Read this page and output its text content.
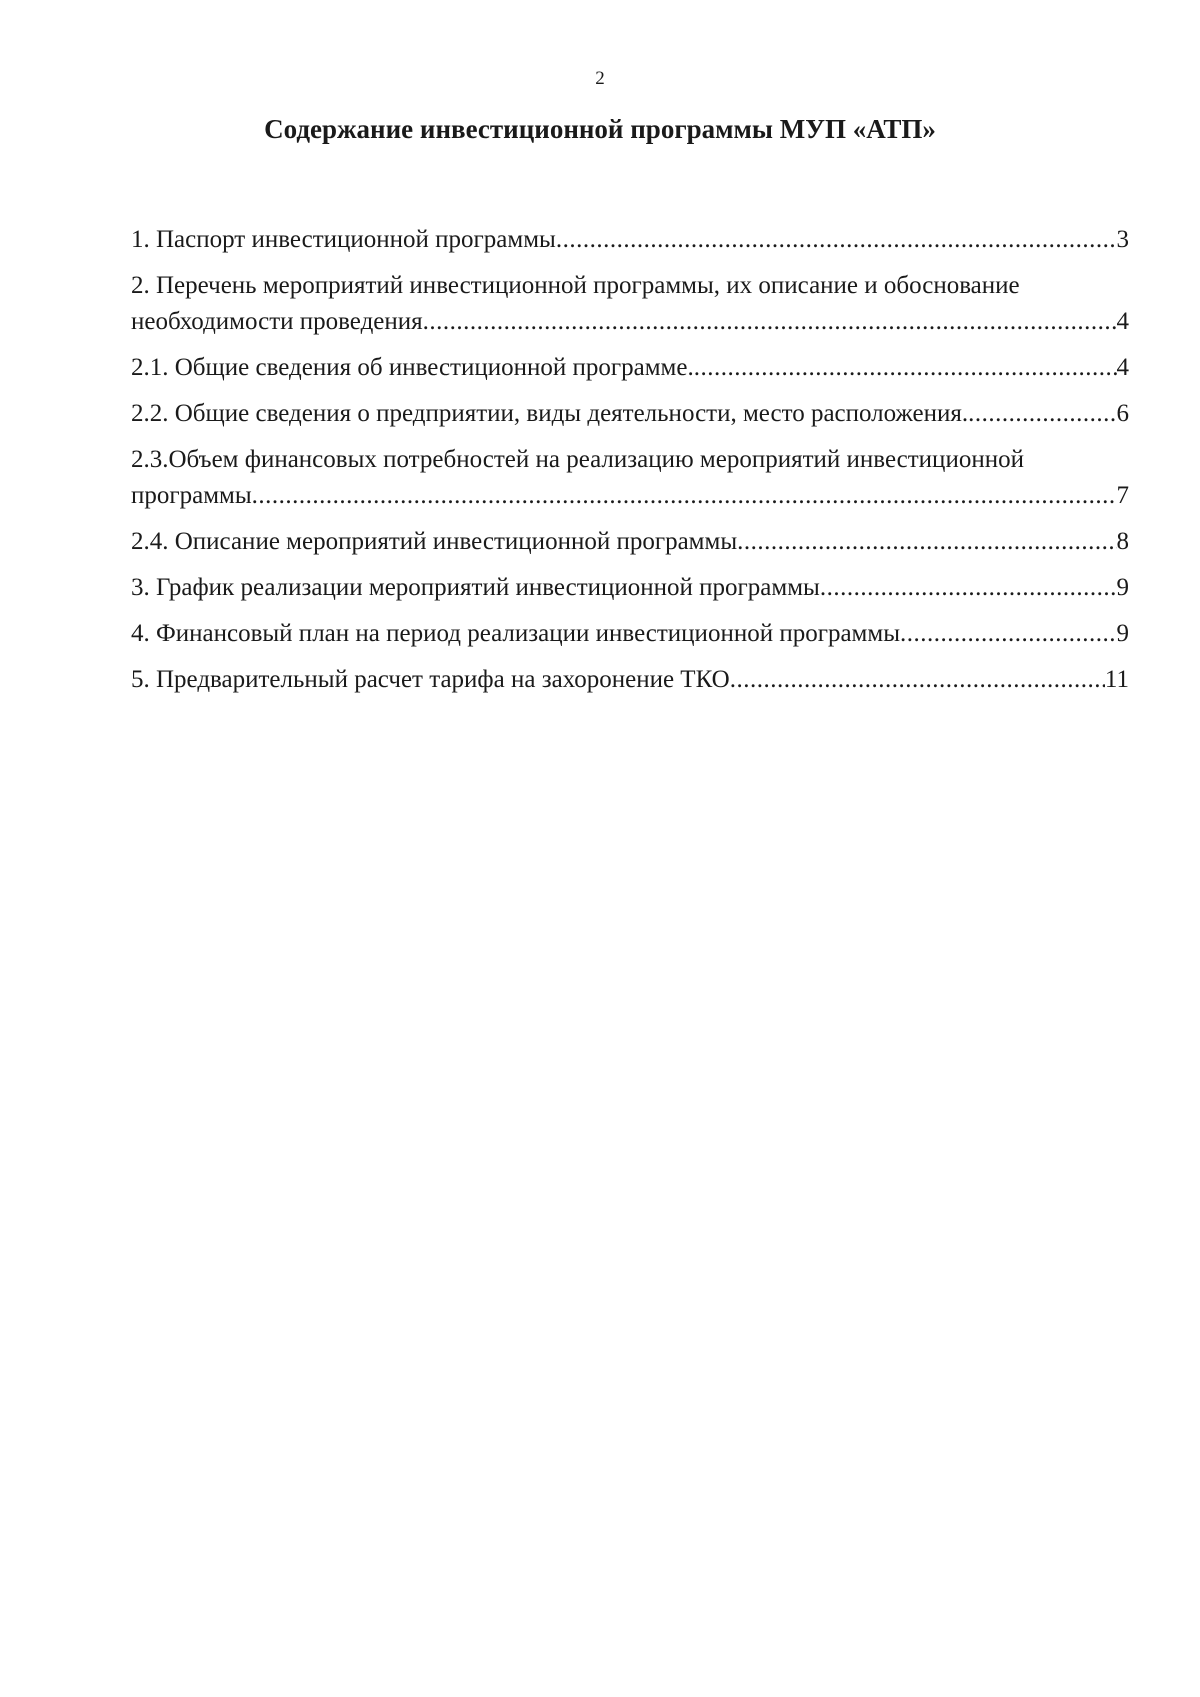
2
Содержание инвестиционной программы МУП «АТП»
1. Паспорт инвестиционной программы .....	3
2. Перечень мероприятий инвестиционной программы, их описание и обоснование
необходимости проведения .....	4
2.1. Общие сведения об инвестиционной программе. .....	4
2.2. Общие сведения о предприятии, виды деятельности, место расположения. .....	6
2.3.Объем финансовых потребностей на реализацию мероприятий инвестиционной
программы .....	7
2.4. Описание мероприятий инвестиционной программы .....	8
3. График реализации мероприятий инвестиционной программы .....	9
4. Финансовый план на период реализации инвестиционной программы .....	9
5. Предварительный расчет тарифа на захоронение ТКО .....	11
